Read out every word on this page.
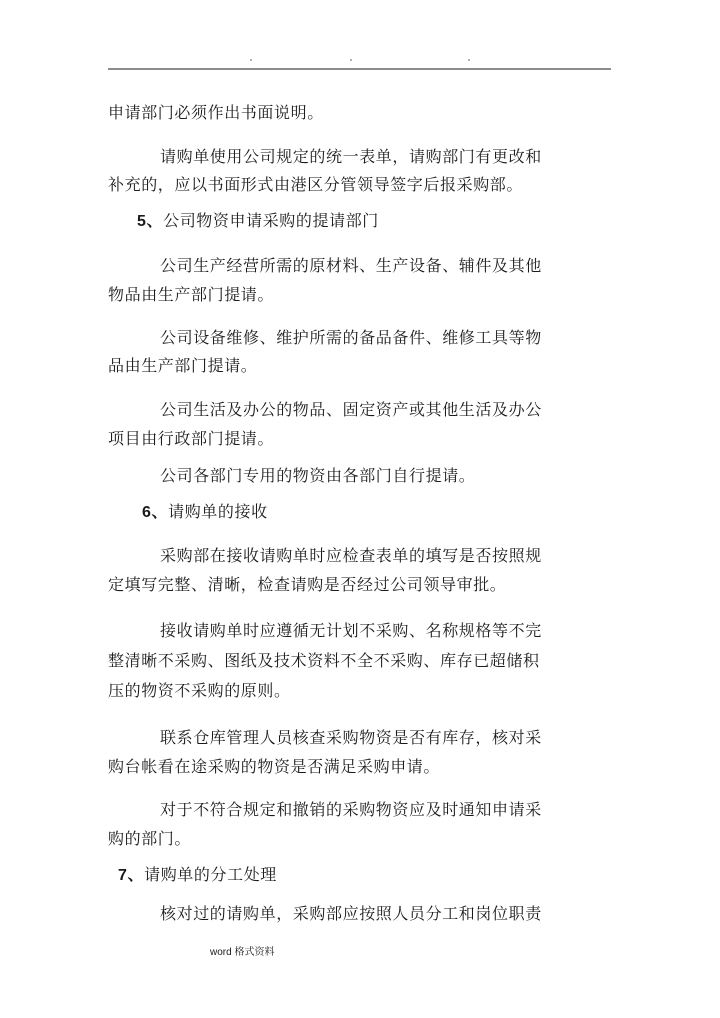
申请部门必须作出书面说明。
请购单使用公司规定的统一表单，请购部门有更改和
补充的，应以书面形式由港区分管领导签字后报采购部。
5、公司物资申请采购的提请部门
公司生产经营所需的原材料、生产设备、辅件及其他
物品由生产部门提请。
公司设备维修、维护所需的备品备件、维修工具等物
品由生产部门提请。
公司生活及办公的物品、固定资产或其他生活及办公
项目由行政部门提请。
公司各部门专用的物资由各部门自行提请。
6、请购单的接收
采购部在接收请购单时应检查表单的填写是否按照规
定填写完整、清晰，检查请购是否经过公司领导审批。
接收请购单时应遵循无计划不采购、名称规格等不完
整清晰不采购、图纸及技术资料不全不采购、库存已超储积
压的物资不采购的原则。
联系仓库管理人员核查采购物资是否有库存，核对采
购台帐看在途采购的物资是否满足采购申请。
对于不符合规定和撤销的采购物资应及时通知申请采
购的部门。
7、请购单的分工处理
核对过的请购单，采购部应按照人员分工和岗位职责
word 格式资料
